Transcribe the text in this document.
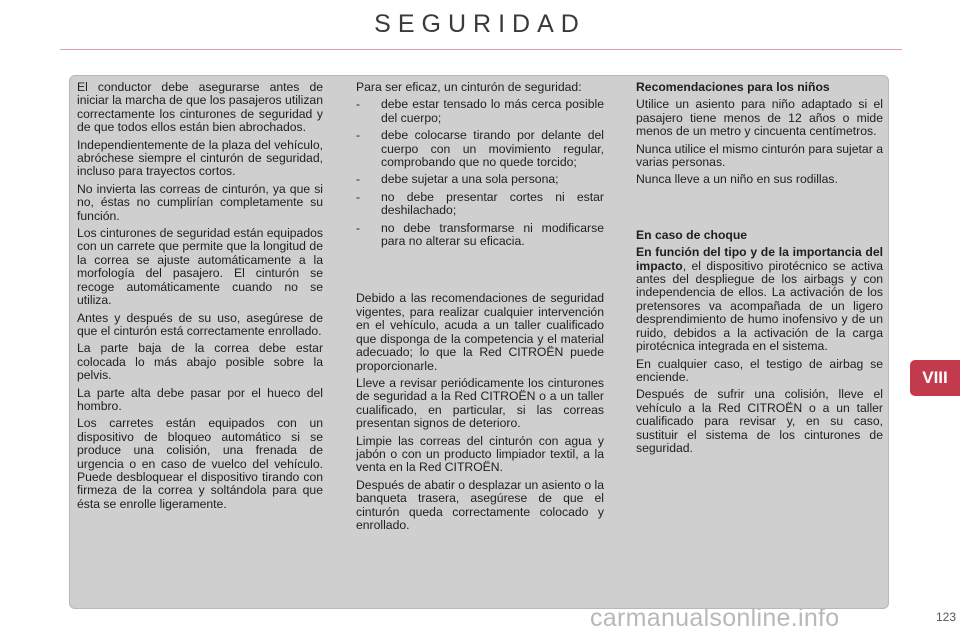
SEGURIDAD

El conductor debe asegurarse antes de iniciar la marcha de que los pasajeros utilizan correctamente los cinturones de seguridad y de que todos ellos están bien abrochados.

Independientemente de la plaza del vehículo, abróchese siempre el cinturón de seguridad, incluso para trayectos cortos.

No invierta las correas de cinturón, ya que si no, éstas no cumplirían completamente su función.

Los cinturones de seguridad están equipados con un carrete que permite que la longitud de la correa se ajuste automáticamente a la morfología del pasajero. El cinturón se recoge automáticamente cuando no se utiliza.

Antes y después de su uso, asegúrese de que el cinturón está correctamente enrollado.

La parte baja de la correa debe estar colocada lo más abajo posible sobre la pelvis.

La parte alta debe pasar por el hueco del hombro.

Los carretes están equipados con un dispositivo de bloqueo automático si se produce una colisión, una frenada de urgencia o en caso de vuelco del vehículo. Puede desbloquear el dispositivo tirando con firmeza de la correa y soltándola para que ésta se enrolle ligeramente.

Para ser eficaz, un cinturón de seguridad:

- debe estar tensado lo más cerca posible del cuerpo;
- debe colocarse tirando por delante del cuerpo con un movimiento regular, comprobando que no quede torcido;
- debe sujetar a una sola persona;
- no debe presentar cortes ni estar deshilachado;
- no debe transformarse ni modificarse para no alterar su eficacia.

Debido a las recomendaciones de seguridad vigentes, para realizar cualquier intervención en el vehículo, acuda a un taller cualificado que disponga de la competencia y el material adecuado; lo que la Red CITROËN puede proporcionarle.

Lleve a revisar periódicamente los cinturones de seguridad a la Red CITROËN o a un taller cualificado, en particular, si las correas presentan signos de deterioro.

Limpie las correas del cinturón con agua y jabón o con un producto limpiador textil, a la venta en la Red CITROËN.

Después de abatir o desplazar un asiento o la banqueta trasera, asegúrese de que el cinturón queda correctamente colocado y enrollado.

Recomendaciones para los niños

Utilice un asiento para niño adaptado si el pasajero tiene menos de 12 años o mide menos de un metro y cincuenta centímetros.

Nunca utilice el mismo cinturón para sujetar a varias personas.

Nunca lleve a un niño en sus rodillas.

En caso de choque

En función del tipo y de la importancia del impacto, el dispositivo pirotécnico se activa antes del despliegue de los airbags y con independencia de ellos. La activación de los pretensores va acompañada de un ligero desprendimiento de humo inofensivo y de un ruido, debidos a la activación de la carga pirotécnica integrada en el sistema.

En cualquier caso, el testigo de airbag se enciende.

Después de sufrir una colisión, lleve el vehículo a la Red CITROËN o a un taller cualificado para revisar y, en su caso, sustituir el sistema de los cinturones de seguridad.

VIII
carmanualsonline.info	123
